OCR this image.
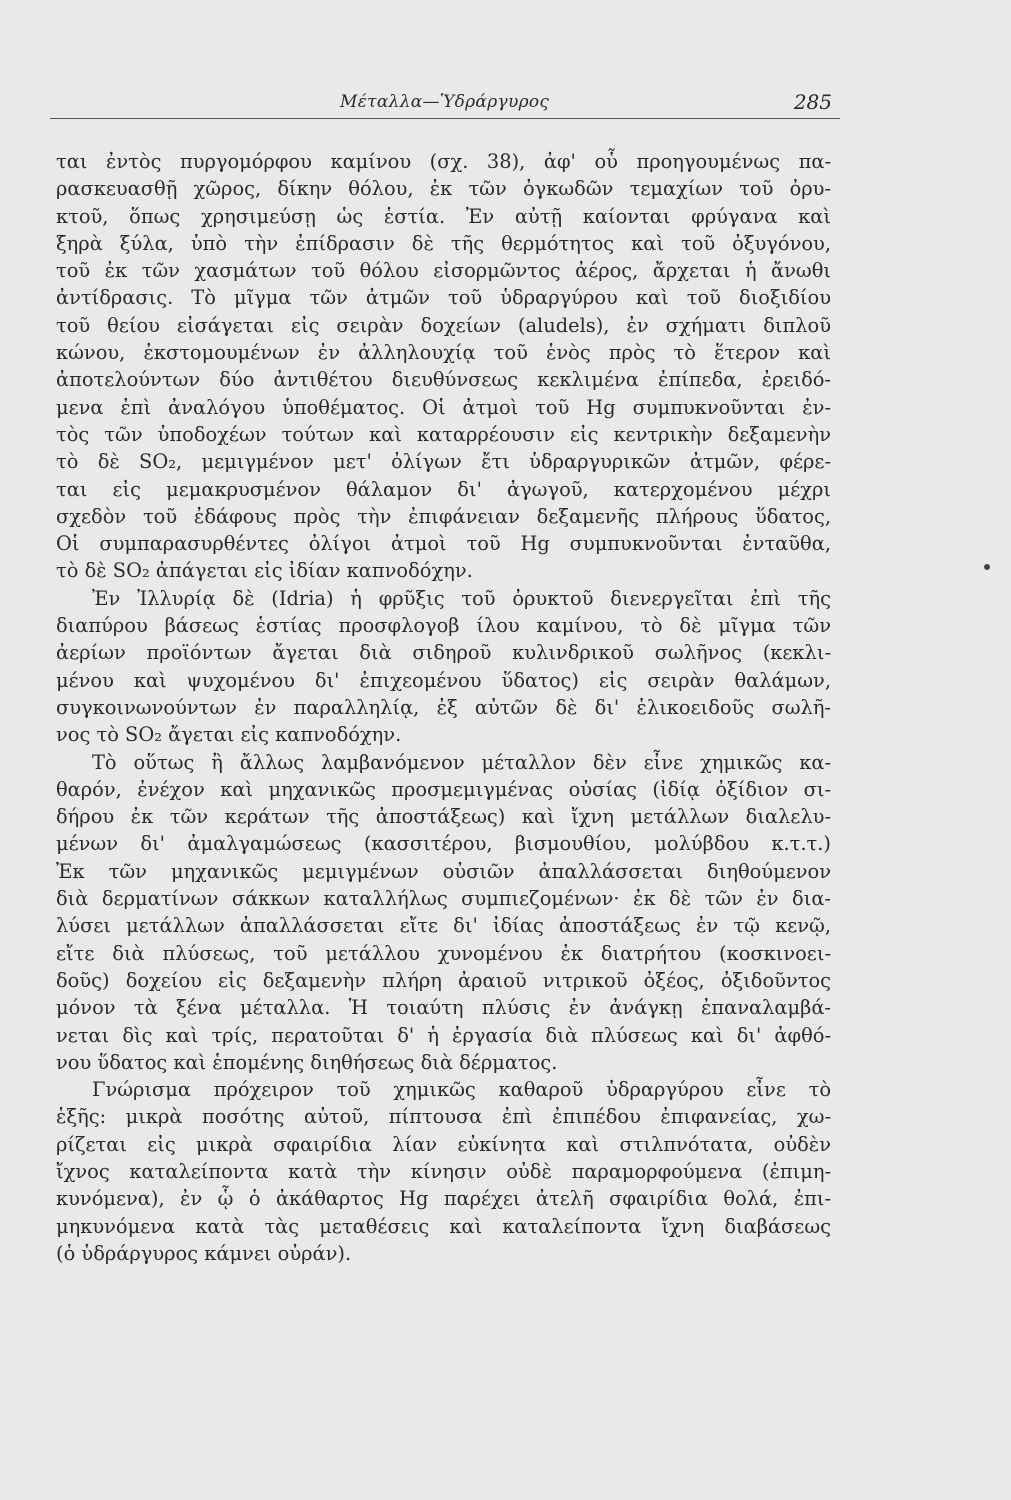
Μέταλλα—Ὑδράργυρος	285

ται ἐντὸς πυργομόρφου καμίνου (σχ. 38), ἀφ' οὗ προηγουμένως πα-
ρασκευασθῇ χῶρος, δίκην θόλου, ἐκ τῶν ὀγκωδῶν τεμαχίων τοῦ ὀρυ-
κτοῦ, ὅπως χρησιμεύσῃ ὡς ἑστία. Ἐν αὐτῇ καίονται φρύγανα καὶ
ξηρὰ ξύλα, ὑπὸ τὴν ἐπίδρασιν δὲ τῆς θερμότητος καὶ τοῦ ὀξυγόνου,
τοῦ ἐκ τῶν χασμάτων τοῦ θόλου εἰσορμῶντος ἀέρος, ἄρχεται ἡ ἄνωθι
ἀντίδρασις. Τὸ μῖγμα τῶν ἀτμῶν τοῦ ὑδραργύρου καὶ τοῦ διοξιδίου
τοῦ θείου εἰσάγεται εἰς σειρὰν δοχείων (aludels), ἐν σχήματι διπλοῦ
κώνου, ἐκστομουμένων ἐν ἀλληλουχίᾳ τοῦ ἑνὸς πρὸς τὸ ἕτερον καὶ
ἀποτελούντων δύο ἀντιθέτου διευθύνσεως κεκλιμένα ἐπίπεδα, ἐρειδό-
μενα ἐπὶ ἀναλόγου ὑποθέματος. Οἱ ἀτμοὶ τοῦ Hg συμπυκνοῦνται ἐν-
τὸς τῶν ὑποδοχέων τούτων καὶ καταρρέουσιν εἰς κεντρικὴν δεξαμενὴν
τὸ δὲ SO₂, μεμιγμένον μετ' ὀλίγων ἔτι ὑδραργυρικῶν ἀτμῶν, φέρε-
ται εἰς μεμακρυσμένον θάλαμον δι' ἀγωγοῦ, κατερχομένου μέχρι
σχεδὸν τοῦ ἐδάφους πρὸς τὴν ἐπιφάνειαν δεξαμενῆς πλήρους ὕδατος,
Οἱ συμπαρασυρθέντες ὀλίγοι ἀτμοὶ τοῦ Hg συμπυκνοῦνται ἐνταῦθα,
τὸ δὲ SO₂ ἀπάγεται εἰς ἰδίαν καπνοδόχην.

Ἐν Ἰλλυρίᾳ δὲ (Idria) ἡ φρῦξις τοῦ ὀρυκτοῦ διενεργεῖται ἐπὶ τῆς
διαπύρου βάσεως ἑστίας προσφλογοβ ίλου καμίνου, τὸ δὲ μῖγμα τῶν
ἀερίων προϊόντων ἄγεται διὰ σιδηροῦ κυλινδρικοῦ σωλῆνος (κεκλι-
μένου καὶ ψυχομένου δι' ἐπιχεομένου ὕδατος) εἰς σειρὰν θαλάμων,
συγκοινωνούντων ἐν παραλληλίᾳ, ἐξ αὐτῶν δὲ δι' ἑλικοειδοῦς σωλῆ-
νος τὸ SO₂ ἄγεται εἰς καπνοδόχην.

Τὸ οὕτως ἢ ἄλλως λαμβανόμενον μέταλλον δὲν εἶνε χημικῶς κα-
θαρόν, ἐνέχον καὶ μηχανικῶς προσμεμιγμένας οὐσίας (ἰδίᾳ ὀξίδιον σι-
δήρου ἐκ τῶν κεράτων τῆς ἀποστάξεως) καὶ ἴχνη μετάλλων διαλελυ-
μένων δι' ἀμαλγαμώσεως (κασσιτέρου, βισμουθίου, μολύβδου κ.τ.τ.)
Ἐκ τῶν μηχανικῶς μεμιγμένων οὐσιῶν ἀπαλλάσσεται διηθούμενον
διὰ δερματίνων σάκκων καταλλήλως συμπιεζομένων· ἐκ δὲ τῶν ἐν δια-
λύσει μετάλλων ἀπαλλάσσεται εἴτε δι' ἰδίας ἀποστάξεως ἐν τῷ κενῷ,
εἴτε διὰ πλύσεως, τοῦ μετάλλου χυνομένου ἐκ διατρήτου (κοσκινοει-
δοῦς) δοχείου εἰς δεξαμενὴν πλήρη ἀραιοῦ νιτρικοῦ ὀξέος, ὀξιδοῦντος
μόνον τὰ ξένα μέταλλα. Ἡ τοιαύτη πλύσις ἐν ἀνάγκῃ ἐπαναλαμβά-
νεται δὶς καὶ τρίς, περατοῦται δ' ἡ ἐργασία διὰ πλύσεως καὶ δι' ἀφθό-
νου ὕδατος καὶ ἑπομένης διηθήσεως διὰ δέρματος.

Γνώρισμα πρόχειρον τοῦ χημικῶς καθαροῦ ὑδραργύρου εἶνε τὸ
ἑξῆς: μικρὰ ποσότης αὐτοῦ, πίπτουσα ἐπὶ ἐπιπέδου ἐπιφανείας, χω-
ρίζεται εἰς μικρὰ σφαιρίδια λίαν εὐκίνητα καὶ στιλπνότατα, οὐδὲν
ἴχνος καταλείποντα κατὰ τὴν κίνησιν οὐδὲ παραμορφούμενα (ἐπιμη-
κυνόμενα), ἐν ᾧ ὁ ἀκάθαρτος Hg παρέχει ἀτελῆ σφαιρίδια θολά, ἐπι-
μηκυνόμενα κατὰ τὰς μεταθέσεις καὶ καταλείποντα ἴχνη διαβάσεως
(ὁ ὑδράργυρος κάμνει οὐράν).
